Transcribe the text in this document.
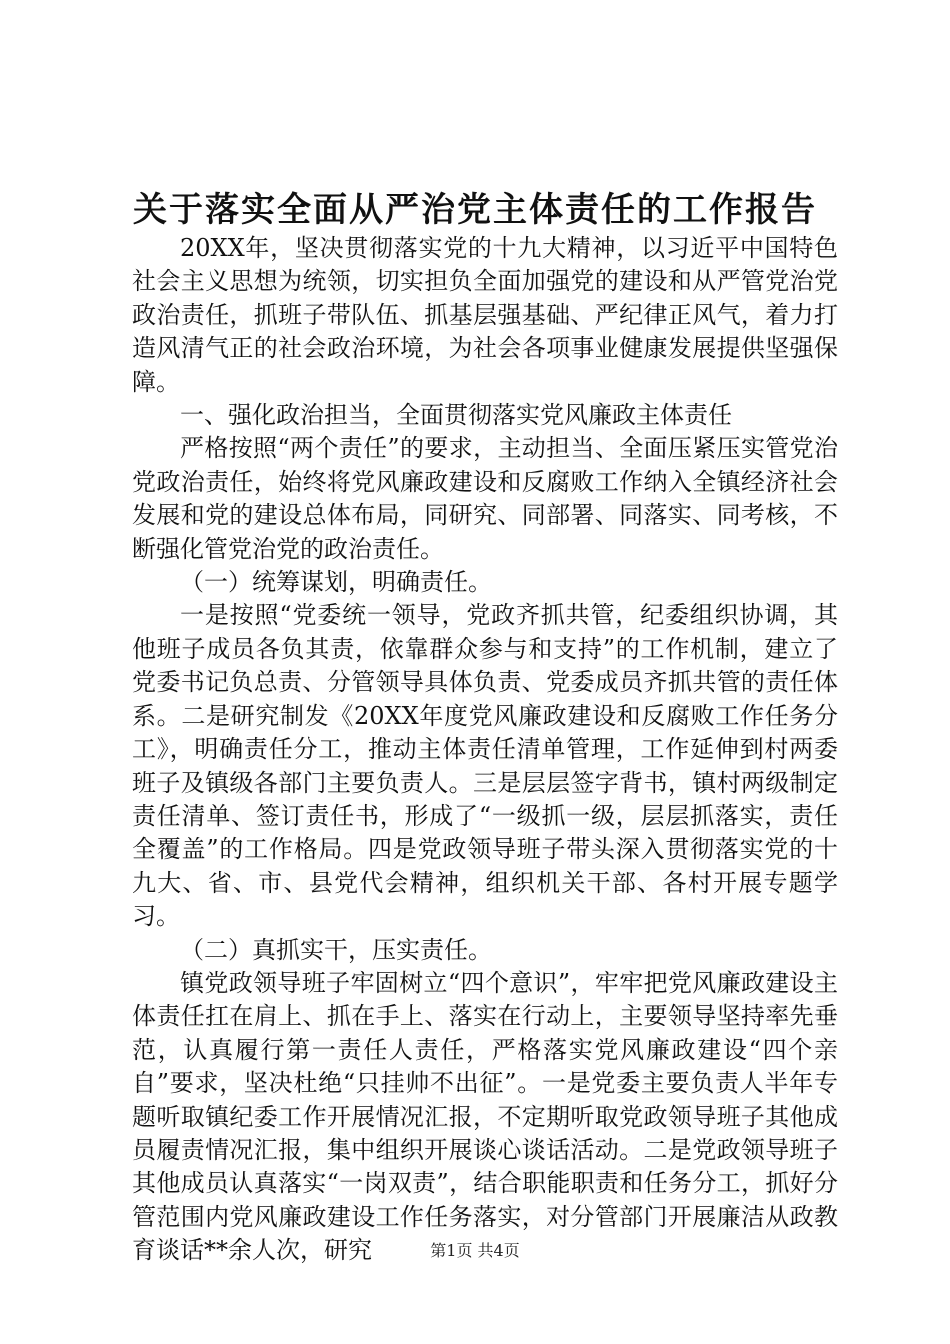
关于落实全面从严治党主体责任的工作报告

20XX年，坚决贯彻落实党的十九大精神，以习近平中国特色社会主义思想为统领，切实担负全面加强党的建设和从严管党治党政治责任，抓班子带队伍、抓基层强基础、严纪律正风气，着力打造风清气正的社会政治环境，为社会各项事业健康发展提供坚强保障。

一、强化政治担当，全面贯彻落实党风廉政主体责任

严格按照“两个责任”的要求，主动担当、全面压紧压实管党治党政治责任，始终将党风廉政建设和反腐败工作纳入全镇经济社会发展和党的建设总体布局，同研究、同部署、同落实、同考核，不断强化管党治党的政治责任。

（一）统筹谋划，明确责任。

一是按照“党委统一领导，党政齐抓共管，纪委组织协调，其他班子成员各负其责，依靠群众参与和支持”的工作机制，建立了党委书记负总责、分管领导具体负责、党委成员齐抓共管的责任体系。二是研究制发《20XX年度党风廉政建设和反腐败工作任务分工》，明确责任分工，推动主体责任清单管理，工作延伸到村两委班子及镇级各部门主要负责人。三是层层签字背书，镇村两级制定责任清单、签订责任书，形成了“一级抓一级，层层抓落实，责任全覆盖”的工作格局。四是党政领导班子带头深入贯彻落实党的十九大、省、市、县党代会精神，组织机关干部、各村开展专题学习。

（二）真抓实干，压实责任。

镇党政领导班子牢固树立“四个意识”，牢牢把党风廉政建设主体责任扛在肩上、抓在手上、落实在行动上，主要领导坚持率先垂范，认真履行第一责任人责任，严格落实党风廉政建设“四个亲自”要求，坚决杜绝“只挂帅不出征”。一是党委主要负责人半年专题听取镇纪委工作开展情况汇报，不定期听取党政领导班子其他成员履责情况汇报，集中组织开展谈心谈话活动。二是党政领导班子其他成员认真落实“一岗双责”，结合职能职责和任务分工，抓好分管范围内党风廉政建设工作任务落实，对分管部门开展廉洁从政教育谈话**余人次，研究	第1页 共4页
